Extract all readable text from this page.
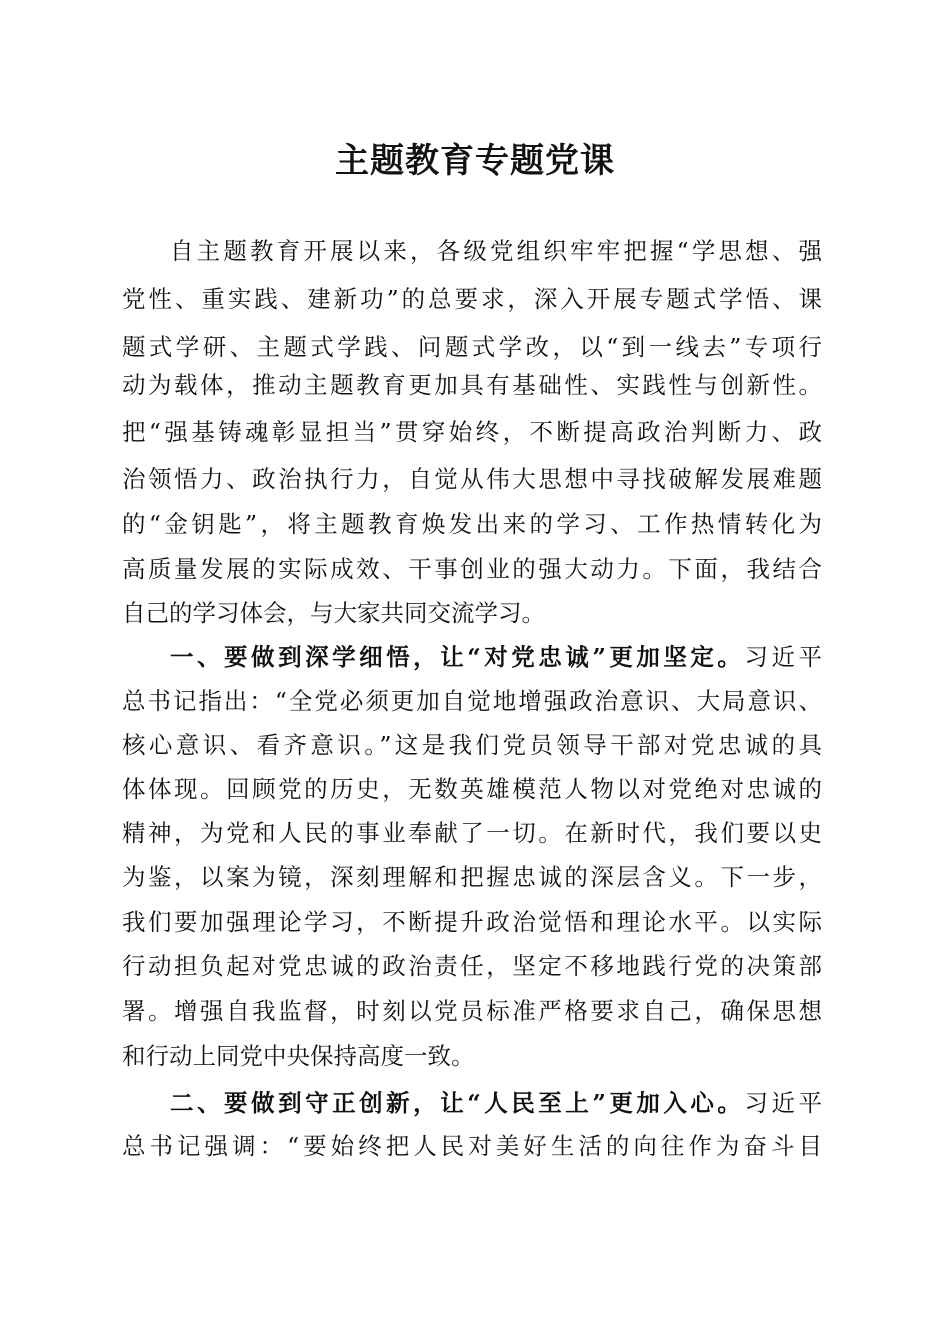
主题教育专题党课
自主题教育开展以来，各级党组织牢牢把握“学思想、强
党性、重实践、建新功”的总要求，深入开展专题式学悟、课
题式学研、主题式学践、问题式学改，以“到一线去”专项行
动为载体，推动主题教育更加具有基础性、实践性与创新性。
把“强基铸魂彰显担当”贯穿始终，不断提高政治判断力、政
治领悟力、政治执行力，自觉从伟大思想中寻找破解发展难题
的“金钥匙”，将主题教育焕发出来的学习、工作热情转化为
高质量发展的实际成效、干事创业的强大动力。下面，我结合
自己的学习体会，与大家共同交流学习。
一、要做到深学细悟，让“对党忠诚”更加坚定。习近平
总书记指出：“全党必须更加自觉地增强政治意识、大局意识、
核心意识、看齐意识。”这是我们党员领导干部对党忠诚的具
体体现。回顾党的历史，无数英雄模范人物以对党绝对忠诚的
精神，为党和人民的事业奉献了一切。在新时代，我们要以史
为鉴，以案为镜，深刻理解和把握忠诚的深层含义。下一步，
我们要加强理论学习，不断提升政治觉悟和理论水平。以实际
行动担负起对党忠诚的政治责任，坚定不移地践行党的决策部
署。增强自我监督，时刻以党员标准严格要求自己，确保思想
和行动上同党中央保持高度一致。
二、要做到守正创新，让“人民至上”更加入心。习近平
总书记强调：“要始终把人民对美好生活的向往作为奋斗目
